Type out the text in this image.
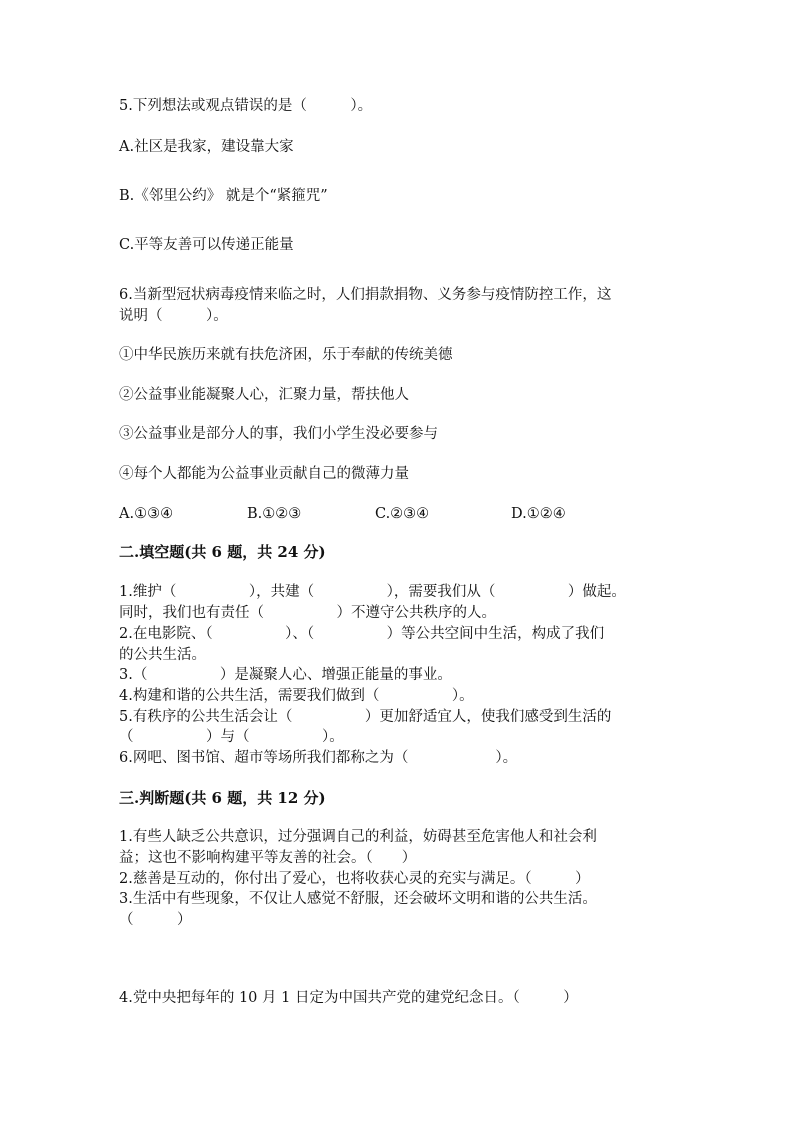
5.下列想法或观点错误的是（　　　）。
A.社区是我家，建设靠大家
B.《邻里公约》 就是个“紧箍咒”
C.平等友善可以传递正能量
6.当新型冠状病毒疫情来临之时，人们捐款捐物、义务参与疫情防控工作，这
说明（　　　）。
①中华民族历来就有扶危济困，乐于奉献的传统美德
②公益事业能凝聚人心，汇聚力量，帮扶他人
③公益事业是部分人的事，我们小学生没必要参与
④每个人都能为公益事业贡献自己的微薄力量
A.①③④	B.①②③	C.②③④	D.①②④
二.填空题(共 6 题，共 24 分)
1.维护（　　　　　），共建（　　　　　），需要我们从（　　　　　）做起。
同时，我们也有责任（　　　　　）不遵守公共秩序的人。
2.在电影院、（　　　　　）、（　　　　　）等公共空间中生活，构成了我们
的公共生活。
3.（　　　　　）是凝聚人心、增强正能量的事业。
4.构建和谐的公共生活，需要我们做到（　　　　　）。
5.有秩序的公共生活会让（　　　　　）更加舒适宜人，使我们感受到生活的
（　　　　　）与（　　　　　）。
6.网吧、图书馆、超市等场所我们都称之为（　　　　　　）。
三.判断题(共 6 题，共 12 分)
1.有些人缺乏公共意识，过分强调自己的利益，妨碍甚至危害他人和社会利
益；这也不影响构建平等友善的社会。（　　）
2.慈善是互动的，你付出了爱心，也将收获心灵的充实与满足。（　　　）
3.生活中有些现象，不仅让人感觉不舒服，还会破坏文明和谐的公共生活。
（　　　）
4.党中央把每年的 10 月 1 日定为中国共产党的建党纪念日。（　　　）
